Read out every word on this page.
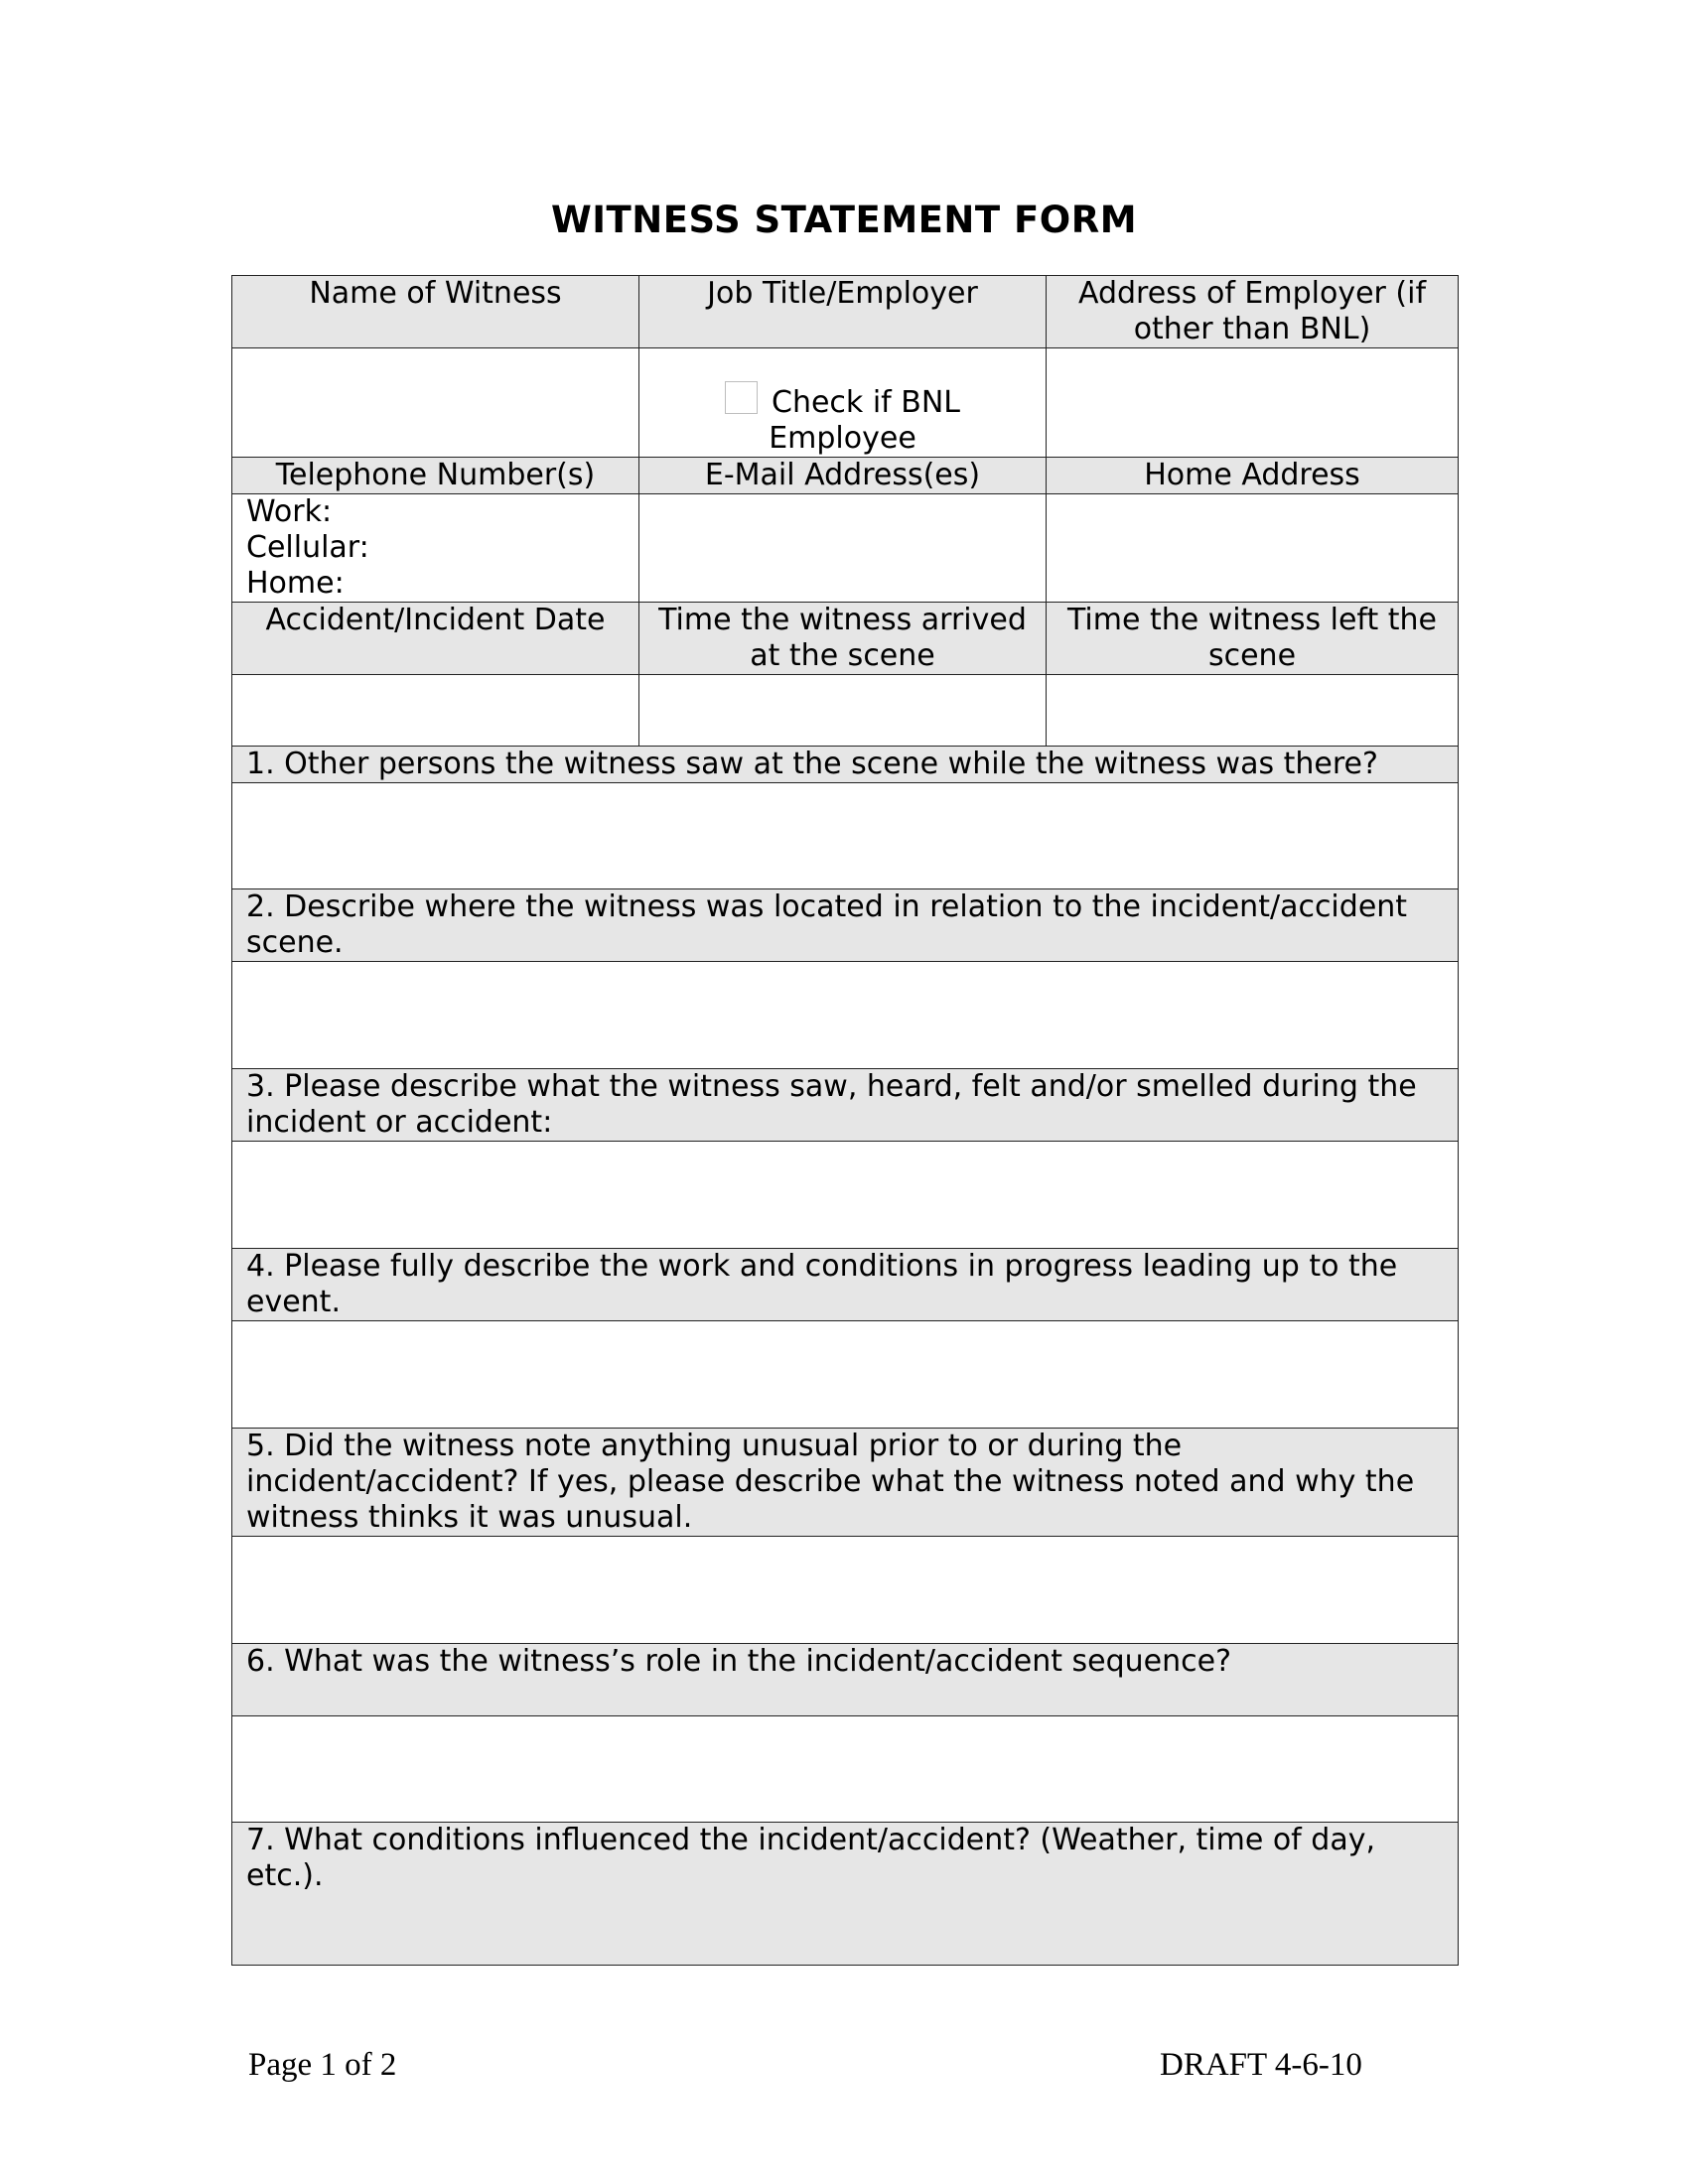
WITNESS STATEMENT FORM
Name of Witness	Job Title/Employer	Address of Employer (if other than BNL)
	Check if BNL Employee	
Telephone Number(s)	E-Mail Address(es)	Home Address

Work:
Cellular:
Home:		

Accident/Incident Date	Time the witness arrived at the scene	Time the witness left the scene

1. Other persons the witness saw at the scene while the witness was there?		

2. Describe where the witness was located in relation to the incident/accident scene.		

3. Please describe what the witness saw, heard, felt and/or smelled during the incident or accident:		

4. Please fully describe the work and conditions in progress leading up to the event.		

5. Did the witness note anything unusual prior to or during the incident/accident? If yes, please describe what the witness noted and why the witness thinks it was unusual.		

6. What was the witness’s role in the incident/accident sequence?		

7. What conditions influenced the incident/accident? (Weather, time of day, etc.).		
Page 1 of 2	DRAFT 4-6-10
